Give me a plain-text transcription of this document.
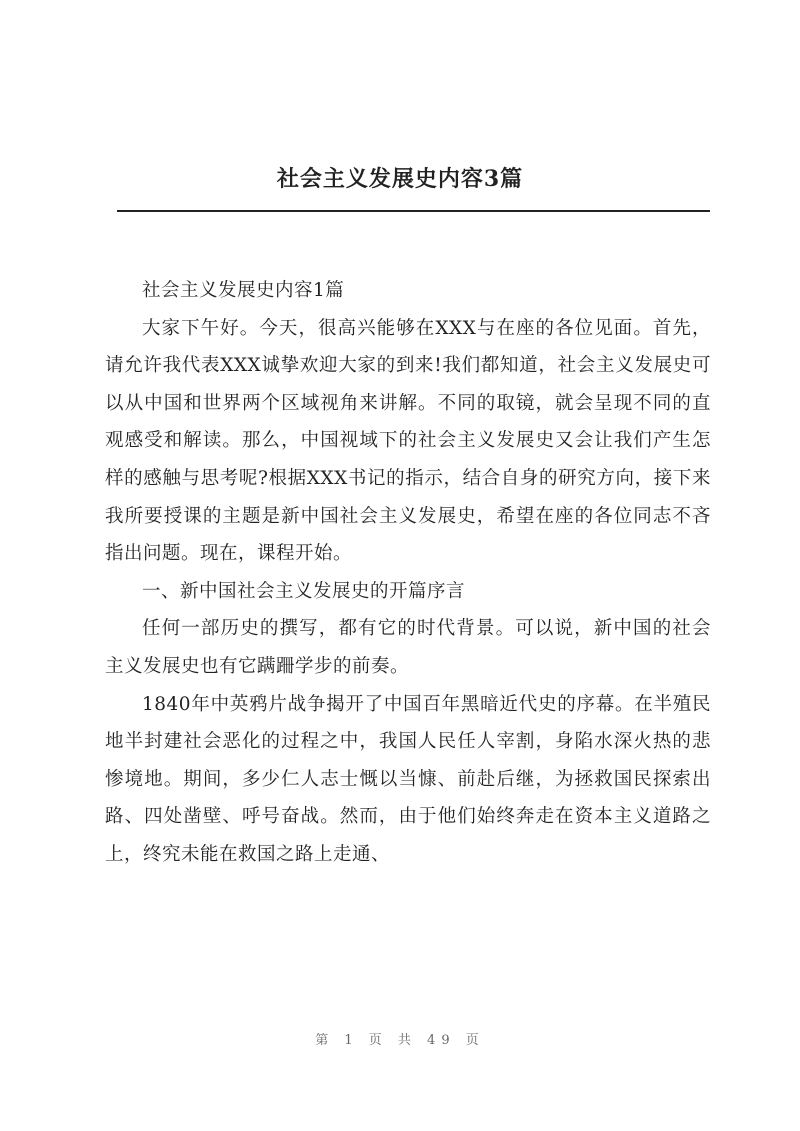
社会主义发展史内容3篇

社会主义发展史内容1篇

大家下午好。今天，很高兴能够在XXX与在座的各位见面。首先，请允许我代表XXX诚挚欢迎大家的到来!我们都知道，社会主义发展史可以从中国和世界两个区域视角来讲解。不同的取镜，就会呈现不同的直观感受和解读。那么，中国视域下的社会主义发展史又会让我们产生怎样的感触与思考呢?根据XXX书记的指示，结合自身的研究方向，接下来我所要授课的主题是新中国社会主义发展史，希望在座的各位同志不吝指出问题。现在，课程开始。

一、新中国社会主义发展史的开篇序言

任何一部历史的撰写，都有它的时代背景。可以说，新中国的社会主义发展史也有它蹒跚学步的前奏。

1840年中英鸦片战争揭开了中国百年黑暗近代史的序幕。在半殖民地半封建社会恶化的过程之中，我国人民任人宰割，身陷水深火热的悲惨境地。期间，多少仁人志士慨以当慷、前赴后继，为拯救国民探索出路、四处凿壁、呼号奋战。然而，由于他们始终奔走在资本主义道路之上，终究未能在救国之路上走通、

第 1 页 共 49 页
